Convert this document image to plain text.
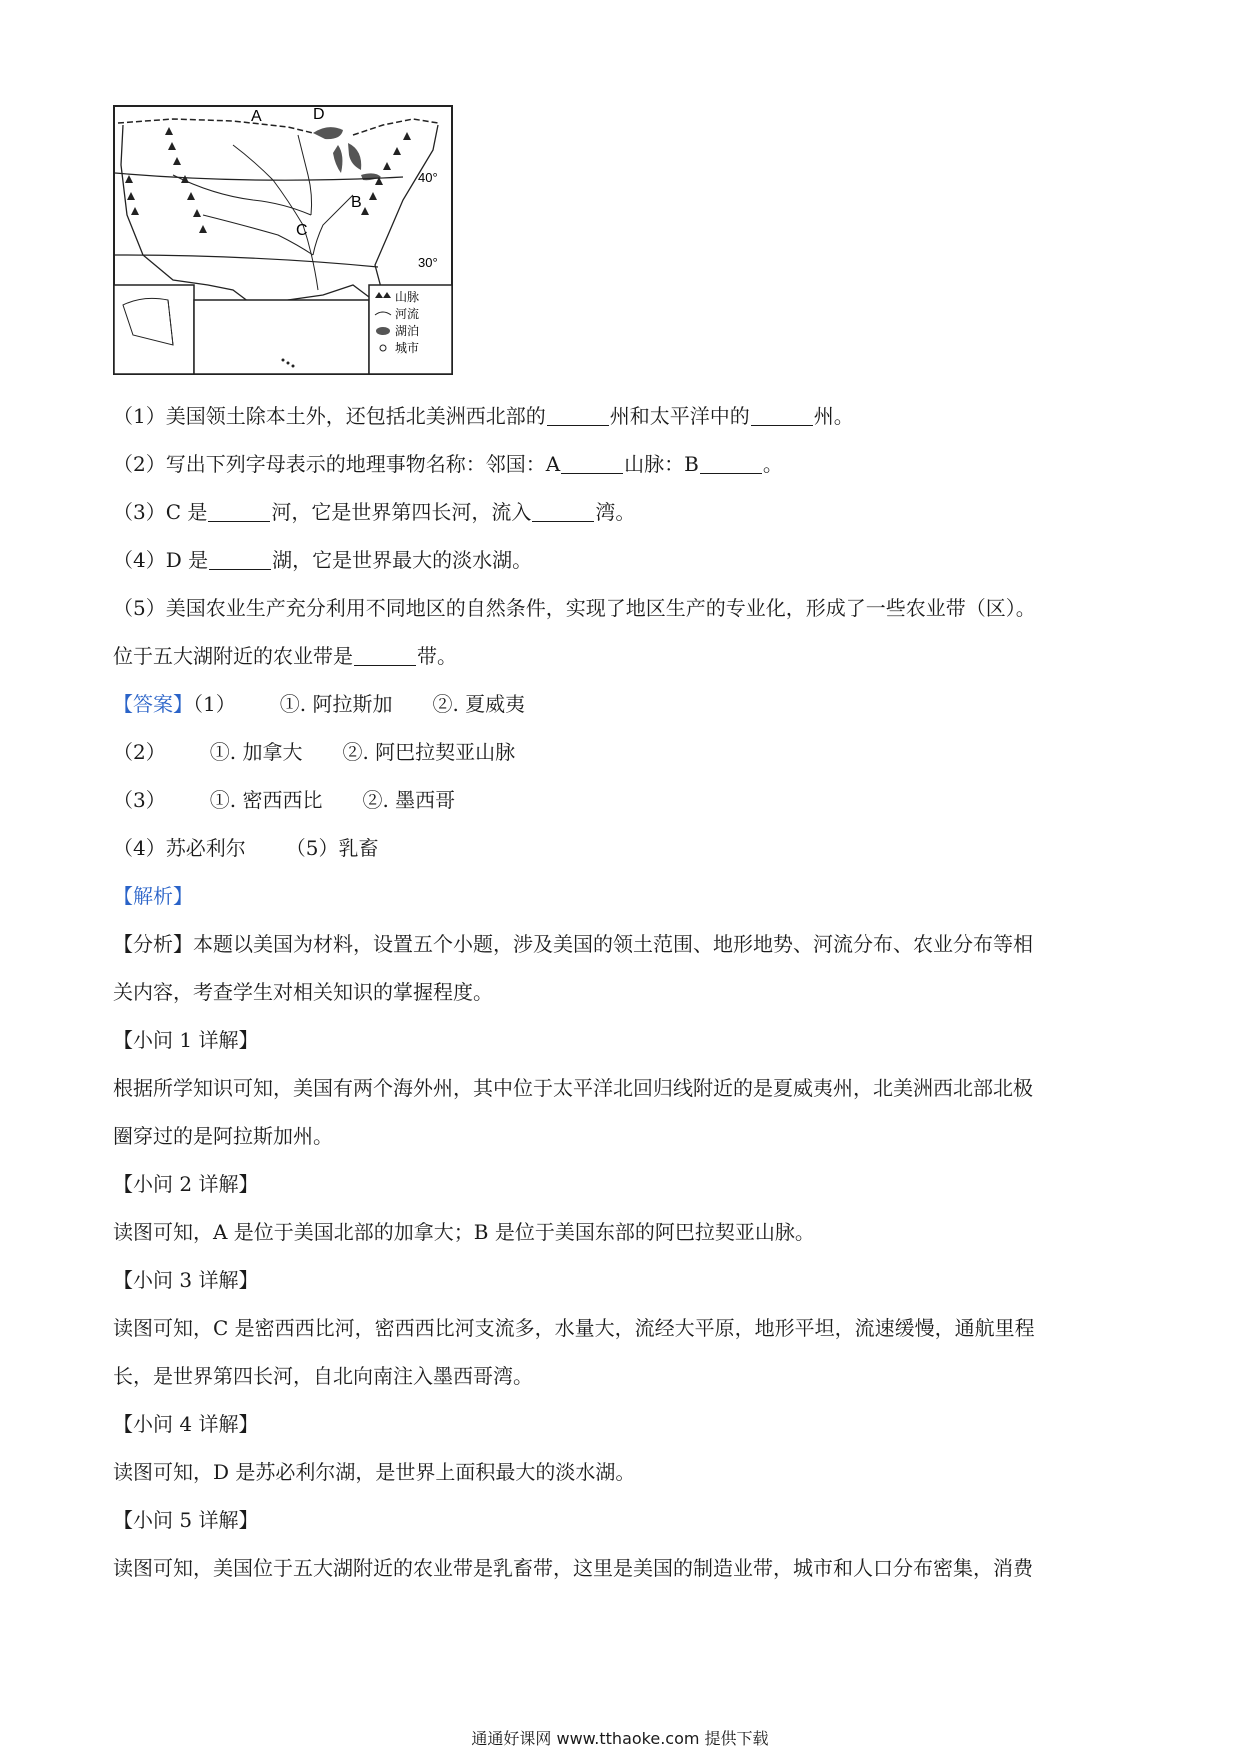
A	D
B
C
40°
30°
山脉
河流
湖泊
城市
（1）美国领土除本土外，还包括北美洲西北部的	州和太平洋中的	州。
（2）写出下列字母表示的地理事物名称：邻国：A	山脉：B	。
（3）C 是	河，它是世界第四长河，流入	湾。
（4）D 是	湖，它是世界最大的淡水湖。
（5）美国农业生产充分利用不同地区的自然条件，实现了地区生产的专业化，形成了一些农业带（区）。
位于五大湖附近的农业带是	带。
【答案】（1） ①. 阿拉斯加 ②. 夏威夷
（2） ①. 加拿大 ②. 阿巴拉契亚山脉
（3） ①. 密西西比 ②. 墨西哥
（4）苏必利尔 （5）乳畜
【解析】
【分析】本题以美国为材料，设置五个小题，涉及美国的领土范围、地形地势、河流分布、农业分布等相
关内容，考查学生对相关知识的掌握程度。
【小问 1 详解】
根据所学知识可知，美国有两个海外州，其中位于太平洋北回归线附近的是夏威夷州，北美洲西北部北极
圈穿过的是阿拉斯加州。
【小问 2 详解】
读图可知，A 是位于美国北部的加拿大；B 是位于美国东部的阿巴拉契亚山脉。
【小问 3 详解】
读图可知，C 是密西西比河，密西西比河支流多，水量大，流经大平原，地形平坦，流速缓慢，通航里程
长，是世界第四长河，自北向南注入墨西哥湾。
【小问 4 详解】
读图可知，D 是苏必利尔湖，是世界上面积最大的淡水湖。
【小问 5 详解】
读图可知，美国位于五大湖附近的农业带是乳畜带，这里是美国的制造业带，城市和人口分布密集，消费
通通好课网 www.tthaoke.com 提供下载
